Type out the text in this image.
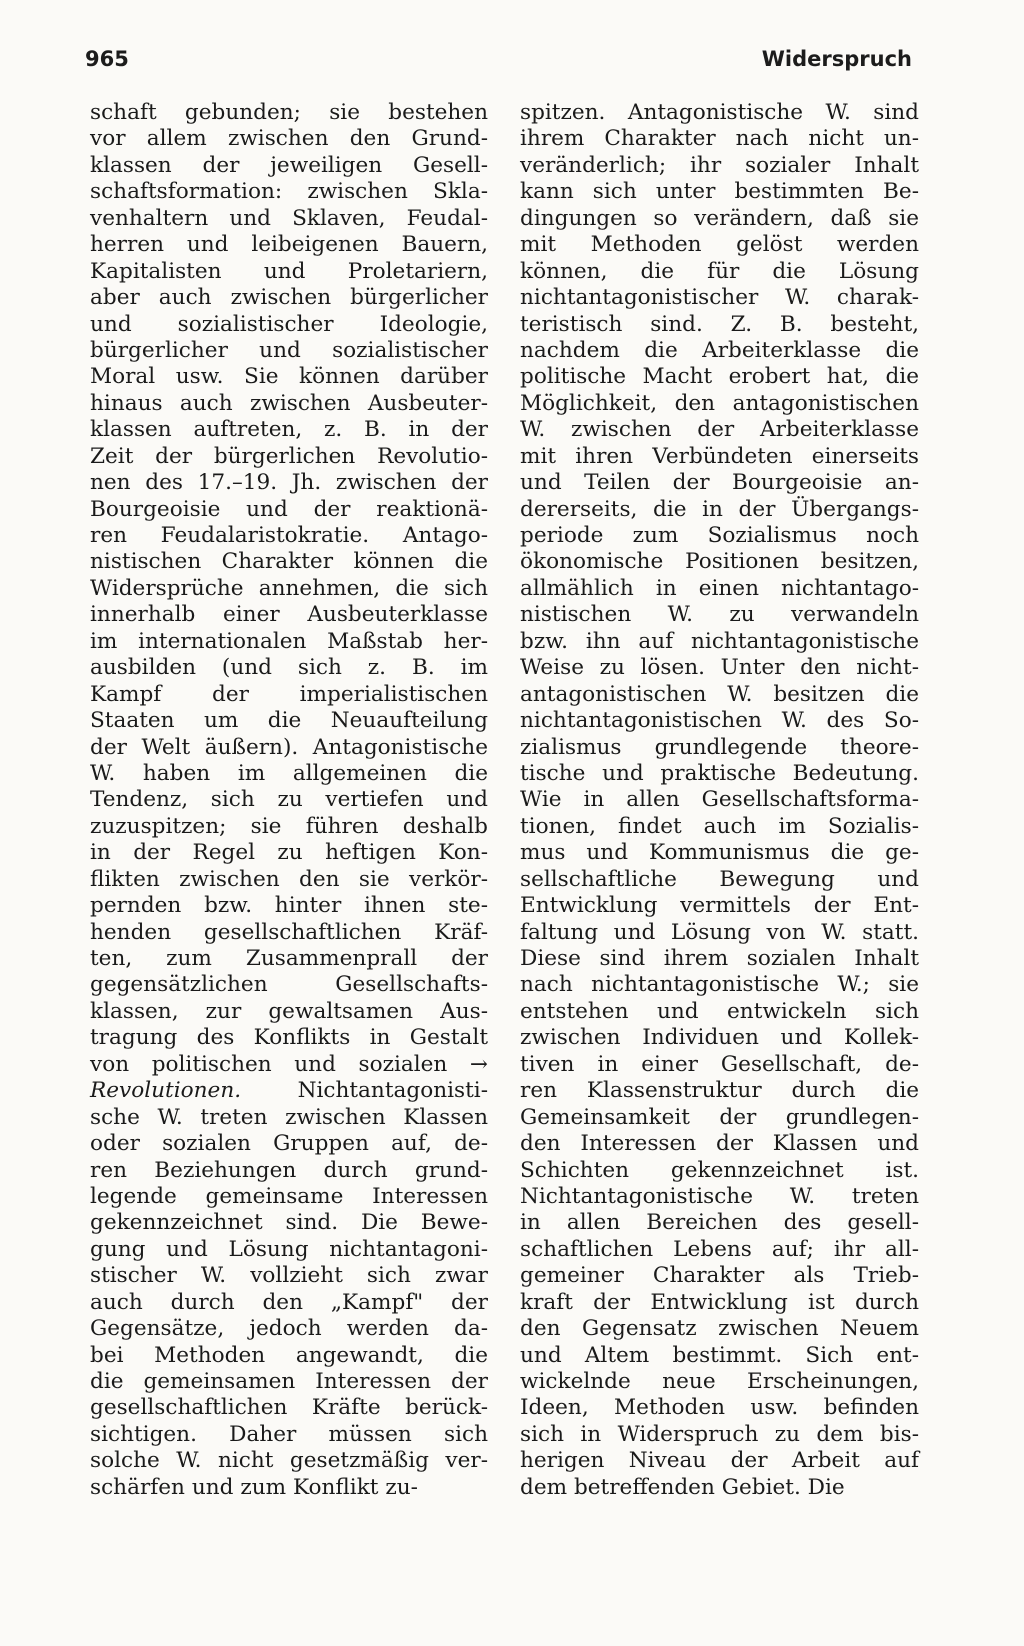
965	Widerspruch
schaft gebunden; sie bestehen
vor allem zwischen den Grund-
klassen der jeweiligen Gesell-
schaftsformation: zwischen Skla-
venhaltern und Sklaven, Feudal-
herren und leibeigenen Bauern,
Kapitalisten und Proletariern,
aber auch zwischen bürgerlicher
und sozialistischer Ideologie,
bürgerlicher und sozialistischer
Moral usw. Sie können darüber
hinaus auch zwischen Ausbeuter-
klassen auftreten, z. B. in der
Zeit der bürgerlichen Revolutio-
nen des 17.–19. Jh. zwischen der
Bourgeoisie und der reaktionä-
ren Feudalaristokratie. Antago-
nistischen Charakter können die
Widersprüche annehmen, die sich
innerhalb einer Ausbeuterklasse
im internationalen Maßstab her-
ausbilden (und sich z. B. im
Kampf der imperialistischen
Staaten um die Neuaufteilung
der Welt äußern). Antagonistische
W. haben im allgemeinen die
Tendenz, sich zu vertiefen und
zuzuspitzen; sie führen deshalb
in der Regel zu heftigen Kon-
flikten zwischen den sie verkör-
pernden bzw. hinter ihnen ste-
henden gesellschaftlichen Kräf-
ten, zum Zusammenprall der
gegensätzlichen Gesellschafts-
klassen, zur gewaltsamen Aus-
tragung des Konflikts in Gestalt
von politischen und sozialen →
Revolutionen. Nichtantagonisti-
sche W. treten zwischen Klassen
oder sozialen Gruppen auf, de-
ren Beziehungen durch grund-
legende gemeinsame Interessen
gekennzeichnet sind. Die Bewe-
gung und Lösung nichtantagoni-
stischer W. vollzieht sich zwar
auch durch den „Kampf" der
Gegensätze, jedoch werden da-
bei Methoden angewandt, die
die gemeinsamen Interessen der
gesellschaftlichen Kräfte berück-
sichtigen. Daher müssen sich
solche W. nicht gesetzmäßig ver-
schärfen und zum Konflikt zu-
spitzen. Antagonistische W. sind
ihrem Charakter nach nicht un-
veränderlich; ihr sozialer Inhalt
kann sich unter bestimmten Be-
dingungen so verändern, daß sie
mit Methoden gelöst werden
können, die für die Lösung
nichtantagonistischer W. charak-
teristisch sind. Z. B. besteht,
nachdem die Arbeiterklasse die
politische Macht erobert hat, die
Möglichkeit, den antagonistischen
W. zwischen der Arbeiterklasse
mit ihren Verbündeten einerseits
und Teilen der Bourgeoisie an-
dererseits, die in der Übergangs-
periode zum Sozialismus noch
ökonomische Positionen besitzen,
allmählich in einen nichtantago-
nistischen W. zu verwandeln
bzw. ihn auf nichtantagonistische
Weise zu lösen. Unter den nicht-
antagonistischen W. besitzen die
nichtantagonistischen W. des So-
zialismus grundlegende theore-
tische und praktische Bedeutung.
Wie in allen Gesellschaftsforma-
tionen, findet auch im Sozialis-
mus und Kommunismus die ge-
sellschaftliche Bewegung und
Entwicklung vermittels der Ent-
faltung und Lösung von W. statt.
Diese sind ihrem sozialen Inhalt
nach nichtantagonistische W.; sie
entstehen und entwickeln sich
zwischen Individuen und Kollek-
tiven in einer Gesellschaft, de-
ren Klassenstruktur durch die
Gemeinsamkeit der grundlegen-
den Interessen der Klassen und
Schichten gekennzeichnet ist.
Nichtantagonistische W. treten
in allen Bereichen des gesell-
schaftlichen Lebens auf; ihr all-
gemeiner Charakter als Trieb-
kraft der Entwicklung ist durch
den Gegensatz zwischen Neuem
und Altem bestimmt. Sich ent-
wickelnde neue Erscheinungen,
Ideen, Methoden usw. befinden
sich in Widerspruch zu dem bis-
herigen Niveau der Arbeit auf
dem betreffenden Gebiet. Die
